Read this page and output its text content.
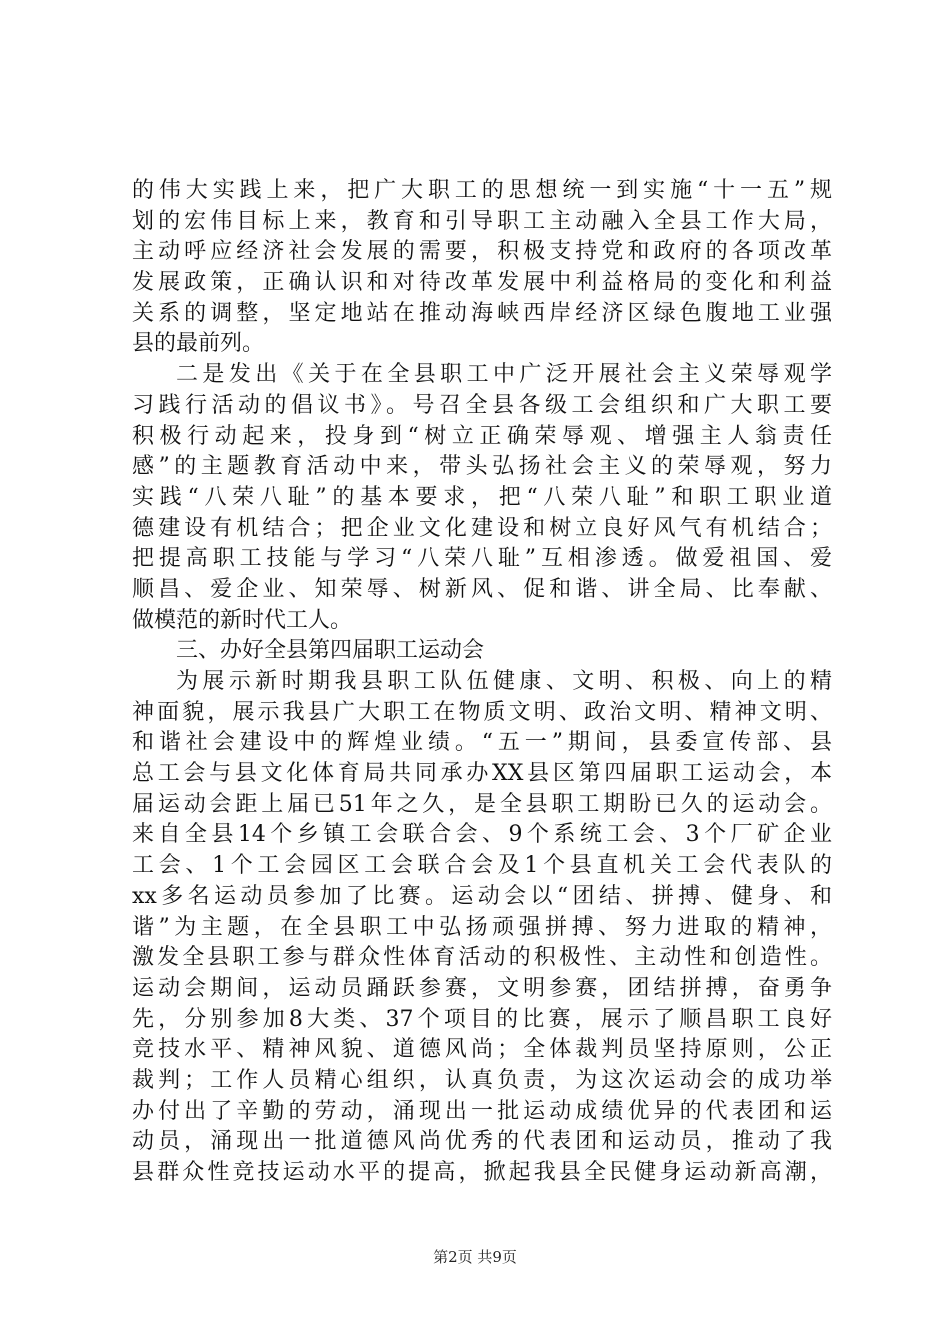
的伟大实践上来，把广大职工的思想统一到实施“十一五”规
划的宏伟目标上来，教育和引导职工主动融入全县工作大局，
主动呼应经济社会发展的需要，积极支持党和政府的各项改革
发展政策，正确认识和对待改革发展中利益格局的变化和利益
关系的调整，坚定地站在推动海峡西岸经济区绿色腹地工业强
县的最前列。
二是发出《关于在全县职工中广泛开展社会主义荣辱观学
习践行活动的倡议书》。号召全县各级工会组织和广大职工要
积极行动起来，投身到“树立正确荣辱观、增强主人翁责任
感”的主题教育活动中来，带头弘扬社会主义的荣辱观，努力
实践“八荣八耻”的基本要求，把“八荣八耻”和职工职业道
德建设有机结合；把企业文化建设和树立良好风气有机结合；
把提高职工技能与学习“八荣八耻”互相渗透。做爱祖国、爱
顺昌、爱企业、知荣辱、树新风、促和谐、讲全局、比奉献、
做模范的新时代工人。
三、办好全县第四届职工运动会
为展示新时期我县职工队伍健康、文明、积极、向上的精
神面貌，展示我县广大职工在物质文明、政治文明、精神文明、
和谐社会建设中的辉煌业绩。“五一”期间，县委宣传部、县
总工会与县文化体育局共同承办XX县区第四届职工运动会，本
届运动会距上届已51年之久，是全县职工期盼已久的运动会。
来自全县14个乡镇工会联合会、9个系统工会、3个厂矿企业
工会、1个工会园区工会联合会及1个县直机关工会代表队的
xx多名运动员参加了比赛。运动会以“团结、拼搏、健身、和
谐”为主题，在全县职工中弘扬顽强拼搏、努力进取的精神，
激发全县职工参与群众性体育活动的积极性、主动性和创造性。
运动会期间，运动员踊跃参赛，文明参赛，团结拼搏，奋勇争
先，分别参加8大类、37个项目的比赛，展示了顺昌职工良好
竞技水平、精神风貌、道德风尚；全体裁判员坚持原则，公正
裁判；工作人员精心组织，认真负责，为这次运动会的成功举
办付出了辛勤的劳动，涌现出一批运动成绩优异的代表团和运
动员，涌现出一批道德风尚优秀的代表团和运动员，推动了我
县群众性竞技运动水平的提高，掀起我县全民健身运动新高潮，
第2页 共9页
